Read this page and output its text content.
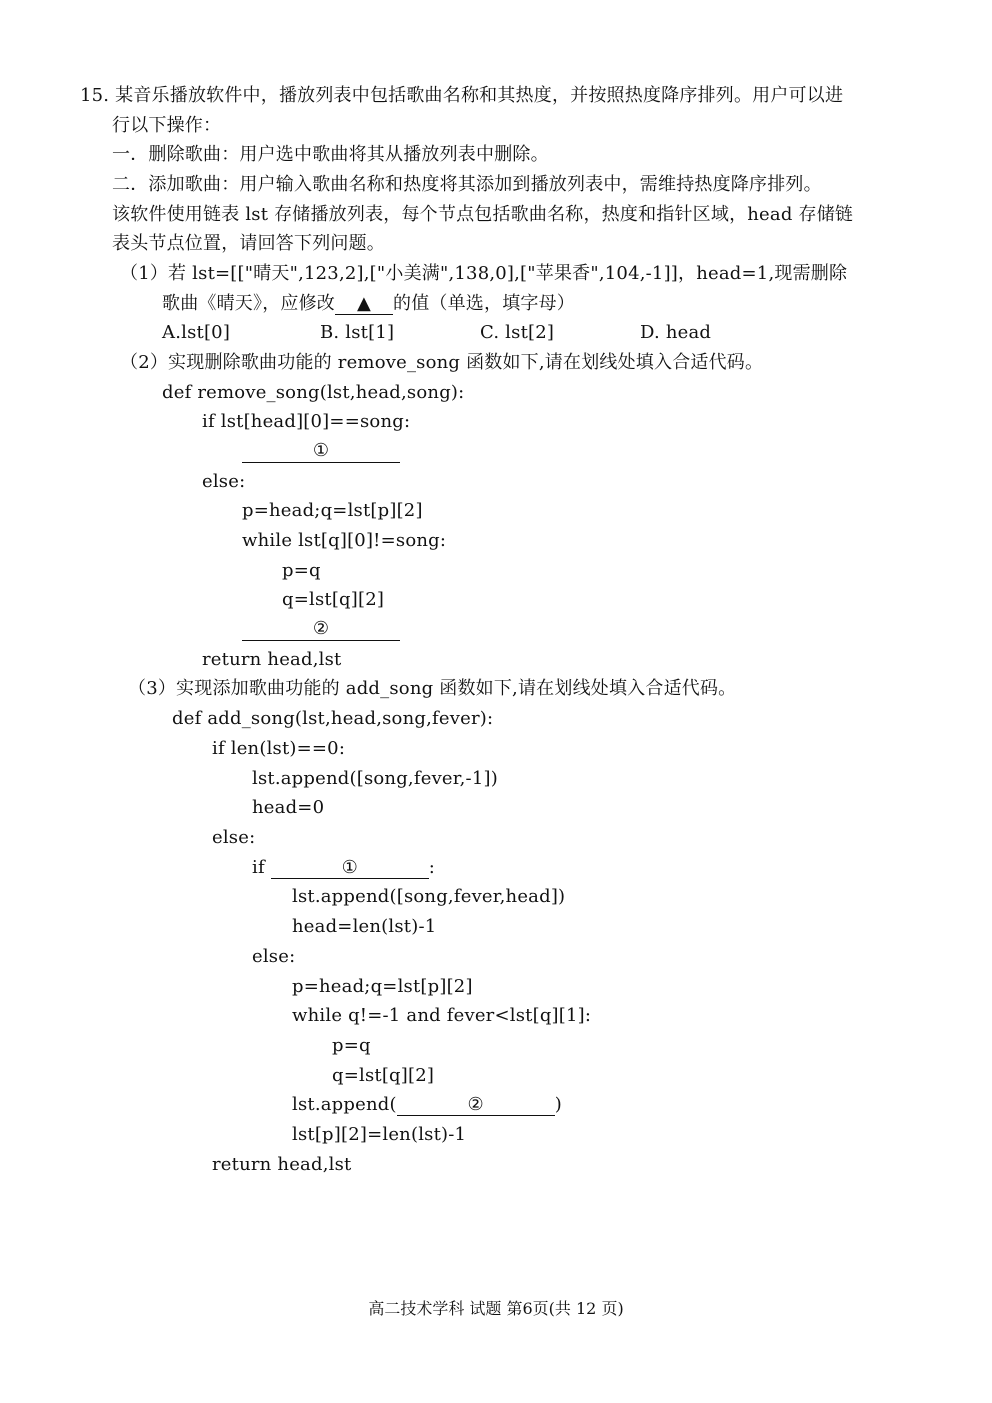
15. 某音乐播放软件中，播放列表中包括歌曲名称和其热度，并按照热度降序排列。用户可以进
行以下操作：
一．删除歌曲：用户选中歌曲将其从播放列表中删除。
二．添加歌曲：用户输入歌曲名称和热度将其添加到播放列表中，需维持热度降序排列。
该软件使用链表 lst 存储播放列表，每个节点包括歌曲名称，热度和指针区域，head 存储链
表头节点位置，请回答下列问题。
（1）若 lst=[["晴天",123,2],["小美满",138,0],["苹果香",104,-1]]，head=1,现需删除
歌曲《晴天》，应修改 ▲ 的值（单选，填字母）
A.lst[0]	B. lst[1]	C. lst[2]	D. head
（2）实现删除歌曲功能的 remove_song 函数如下,请在划线处填入合适代码。
def remove_song(lst,head,song):
if lst[head][0]==song:
①
else:
p=head;q=lst[p][2]
while lst[q][0]!=song:
p=q
q=lst[q][2]
②
return head,lst
（3）实现添加歌曲功能的 add_song 函数如下,请在划线处填入合适代码。
def add_song(lst,head,song,fever):
if len(lst)==0:
lst.append([song,fever,-1])
head=0
else:
if	①	:
lst.append([song,fever,head])
head=len(lst)-1
else:
p=head;q=lst[p][2]
while q!=-1 and fever<lst[q][1]:
p=q
q=lst[q][2]
lst.append(	②	)
lst[p][2]=len(lst)-1
return head,lst
高二技术学科 试题 第6页(共 12 页)
